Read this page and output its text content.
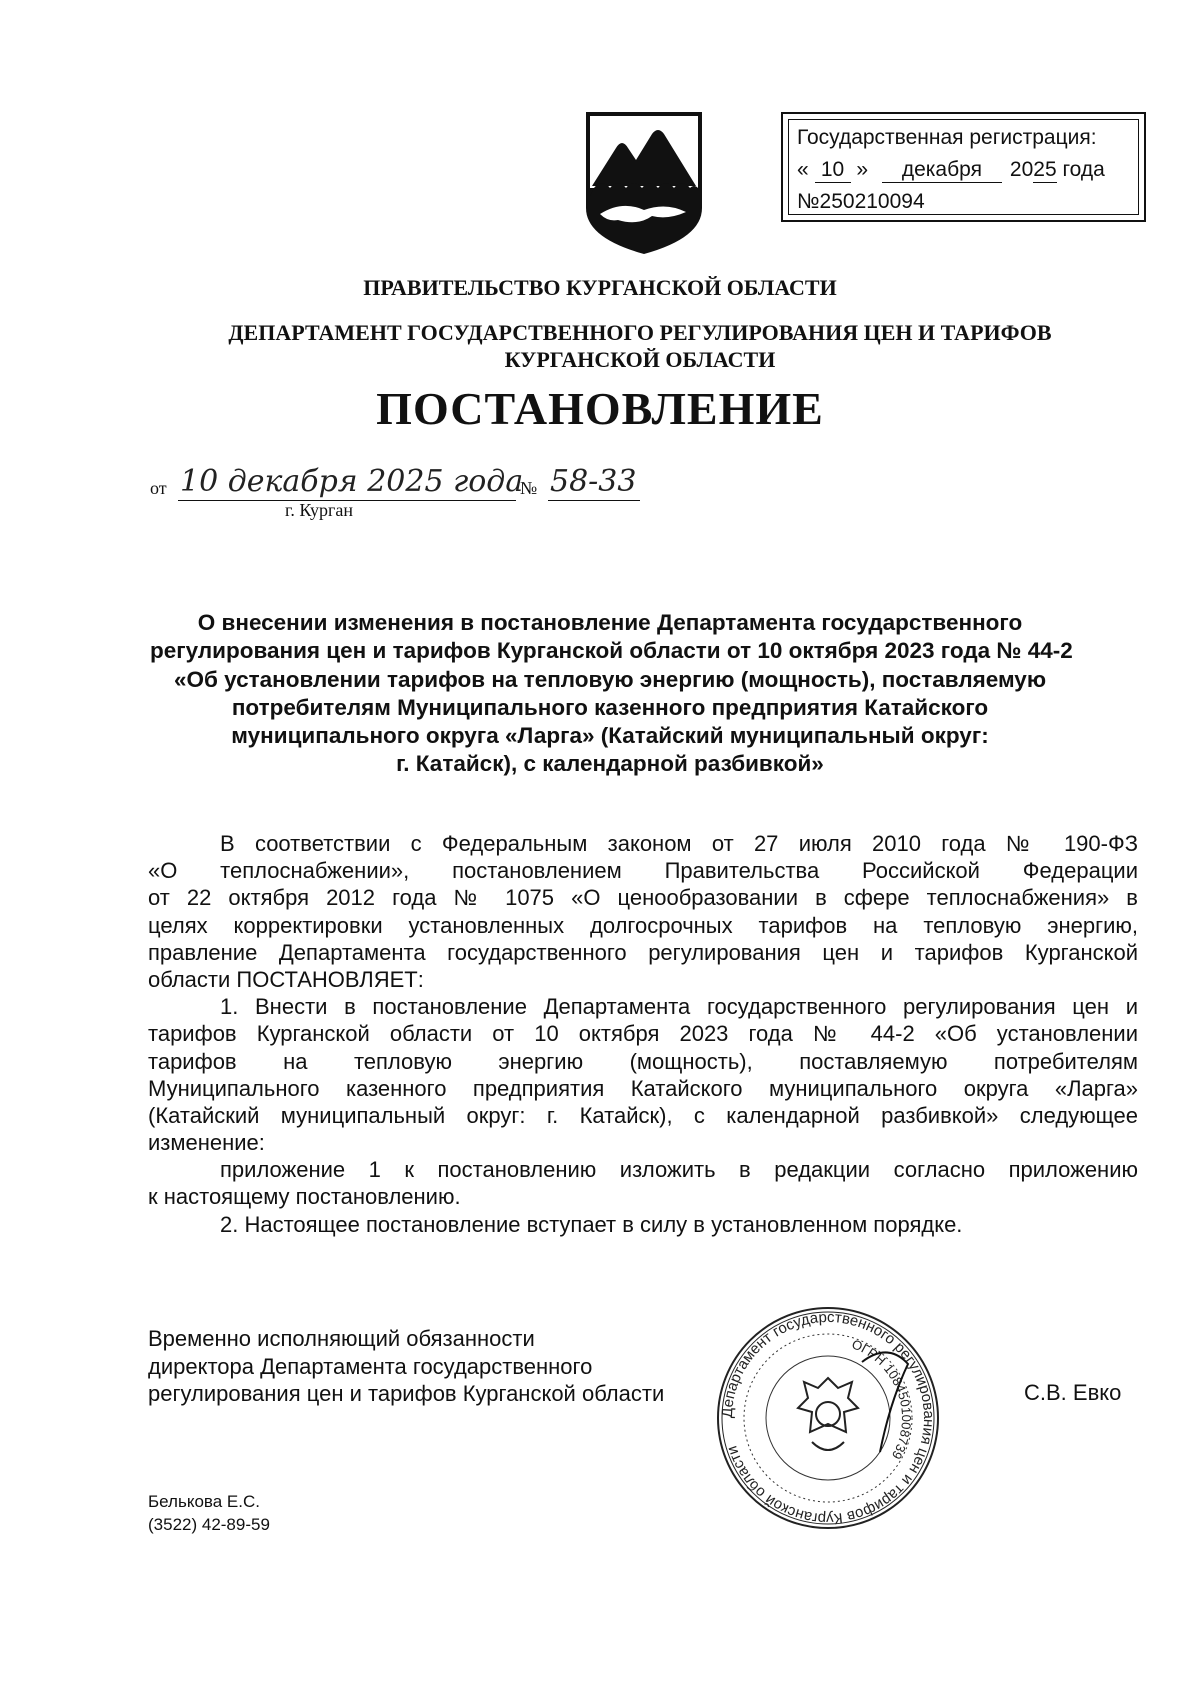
Государственная регистрация:
« 10 » декабря 2025 года
№250210094
ПРАВИТЕЛЬСТВО КУРГАНСКОЙ ОБЛАСТИ
ДЕПАРТАМЕНТ ГОСУДАРСТВЕННОГО РЕГУЛИРОВАНИЯ ЦЕН И ТАРИФОВ
КУРГАНСКОЙ ОБЛАСТИ
ПОСТАНОВЛЕНИЕ
от 10 декабря 2025 года
№ 58-33
г. Курган
О внесении изменения в постановление Департамента государственного
регулирования цен и тарифов Курганской области от 10 октября 2023 года № 44-2
«Об установлении тарифов на тепловую энергию (мощность), поставляемую
потребителям Муниципального казенного предприятия Катайского
муниципального округа «Ларга» (Катайский муниципальный округ:
г. Катайск), с календарной разбивкой»
В соответствии с Федеральным законом от 27 июля 2010 года № 190-ФЗ
«О теплоснабжении», постановлением Правительства Российской Федерации
от 22 октября 2012 года № 1075 «О ценообразовании в сфере теплоснабжения» в
целях корректировки установленных долгосрочных тарифов на тепловую энергию,
правление Департамента государственного регулирования цен и тарифов Курганской
области ПОСТАНОВЛЯЕТ:
1. Внести в постановление Департамента государственного регулирования цен и
тарифов Курганской области от 10 октября 2023 года № 44-2 «Об установлении
тарифов на тепловую энергию (мощность), поставляемую потребителям
Муниципального казенного предприятия Катайского муниципального округа «Ларга»
(Катайский муниципальный округ: г. Катайск), с календарной разбивкой» следующее
изменение:
приложение 1 к постановлению изложить в редакции согласно приложению
к настоящему постановлению.
2. Настоящее постановление вступает в силу в установленном порядке.
Временно исполняющий обязанности
директора Департамента государственного
регулирования цен и тарифов Курганской области
Департамент государственного регулирования цен и тарифов Курганской области
ОГРН 1084501008739
С.В. Евко
Белькова Е.С.
(3522) 42-89-59
